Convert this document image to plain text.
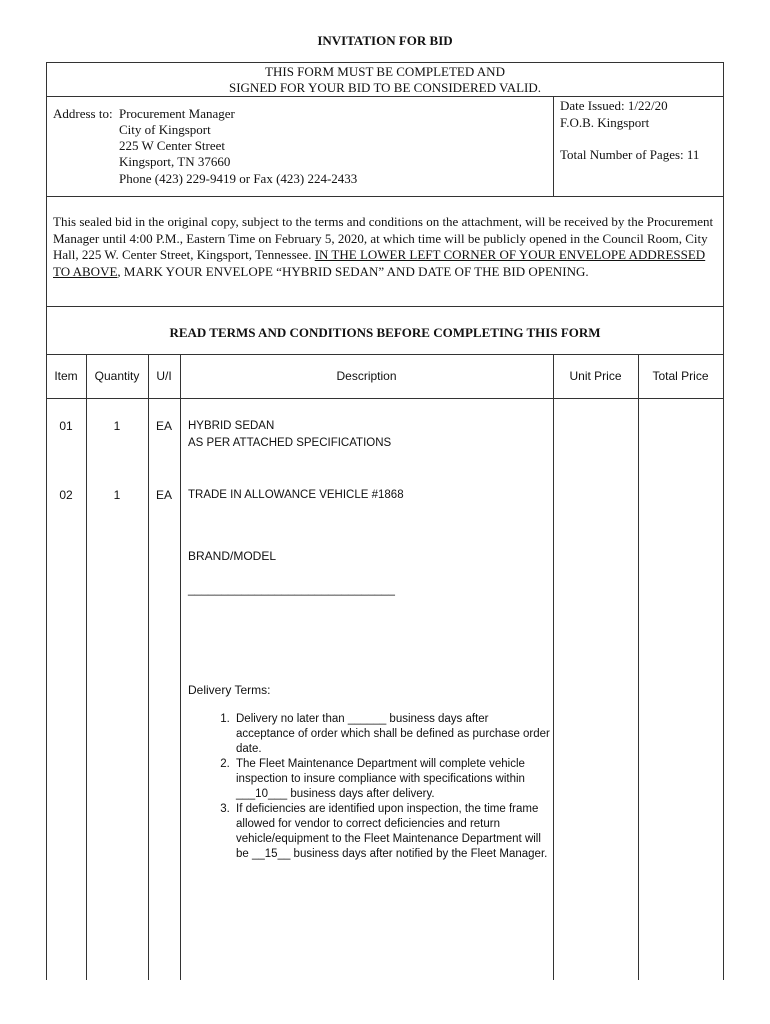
INVITATION FOR BID
THIS FORM MUST BE COMPLETED AND
SIGNED FOR YOUR BID TO BE CONSIDERED VALID.
Address to: Procurement Manager
City of Kingsport
225 W Center Street
Kingsport, TN 37660
Phone (423) 229-9419 or Fax (423) 224-2433
Date Issued: 1/22/20
F.O.B. Kingsport
Total Number of Pages: 11
This sealed bid in the original copy, subject to the terms and conditions on the attachment, will be received by the Procurement Manager until 4:00 P.M., Eastern Time on February 5, 2020, at which time will be publicly opened in the Council Room, City Hall, 225 W. Center Street, Kingsport, Tennessee. IN THE LOWER LEFT CORNER OF YOUR ENVELOPE ADDRESSED TO ABOVE, MARK YOUR ENVELOPE “HYBRID SEDAN” AND DATE OF THE BID OPENING.
READ TERMS AND CONDITIONS BEFORE COMPLETING THIS FORM
Item	Quantity	U/I	Description	Unit Price	Total Price
01	1	EA	HYBRID SEDAN
AS PER ATTACHED SPECIFICATIONS
02	1	EA	TRADE IN ALLOWANCE VEHICLE #1868
BRAND/MODEL
_______________________________
Delivery Terms:
1. Delivery no later than ______ business days after acceptance of order which shall be defined as purchase order date.
2. The Fleet Maintenance Department will complete vehicle inspection to insure compliance with specifications within ___10___ business days after delivery.
3. If deficiencies are identified upon inspection, the time frame allowed for vendor to correct deficiencies and return vehicle/equipment to the Fleet Maintenance Department will be __15__ business days after notified by the Fleet Manager.
